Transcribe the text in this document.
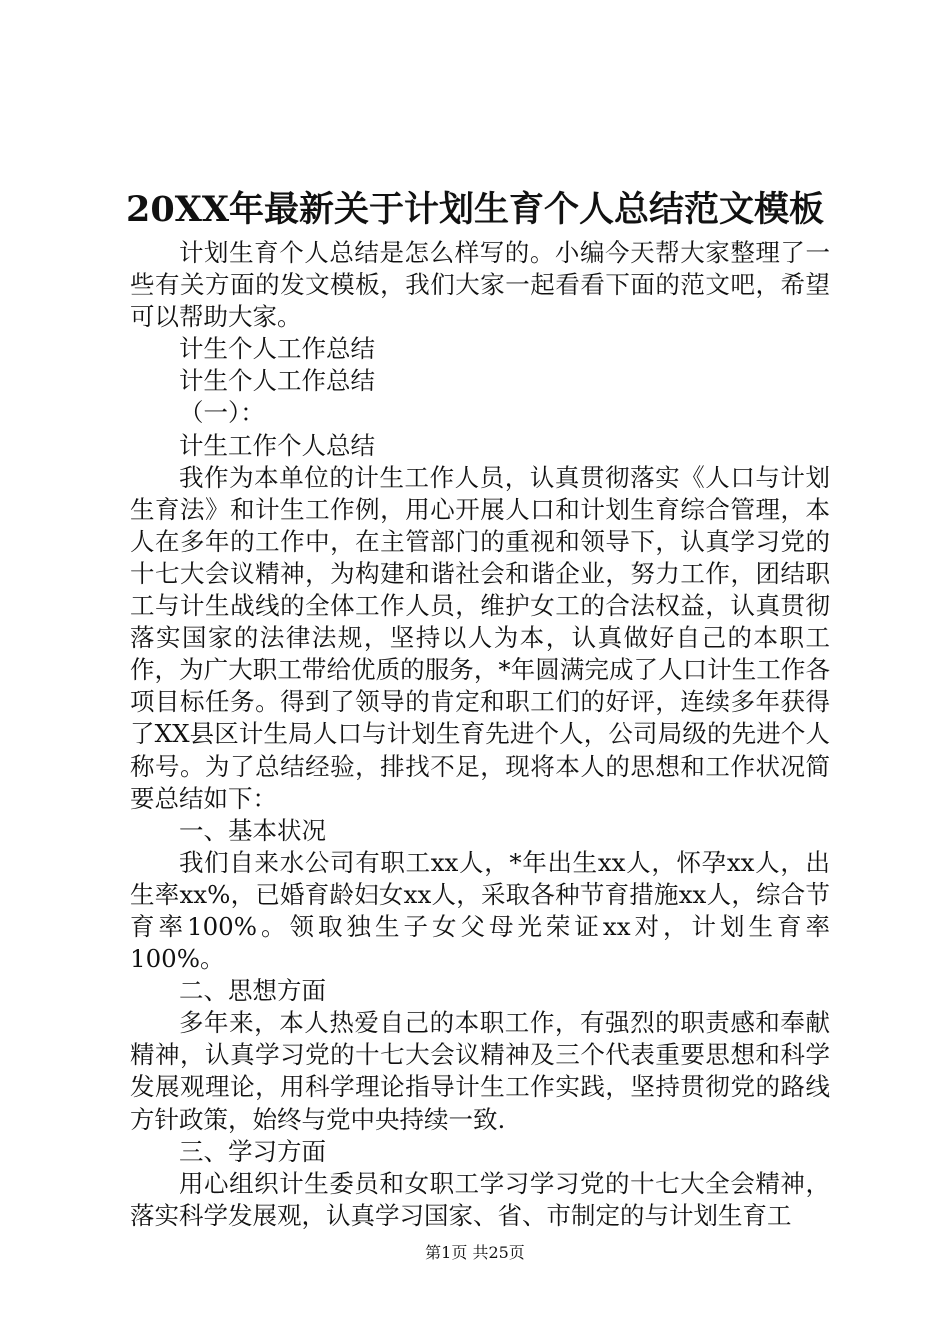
20XX年最新关于计划生育个人总结范文模板

计划生育个人总结是怎么样写的。小编今天帮大家整理了一些有关方面的发文模板，我们大家一起看看下面的范文吧，希望可以帮助大家。

计生个人工作总结

计生个人工作总结

（一）：

计生工作个人总结

我作为本单位的计生工作人员，认真贯彻落实《人口与计划生育法》和计生工作例，用心开展人口和计划生育综合管理，本人在多年的工作中，在主管部门的重视和领导下，认真学习党的十七大会议精神，为构建和谐社会和谐企业，努力工作，团结职工与计生战线的全体工作人员，维护女工的合法权益，认真贯彻落实国家的法律法规，坚持以人为本，认真做好自己的本职工作，为广大职工带给优质的服务，*年圆满完成了人口计生工作各项目标任务。得到了领导的肯定和职工们的好评，连续多年获得了XX县区计生局人口与计划生育先进个人，公司局级的先进个人称号。为了总结经验，排找不足，现将本人的思想和工作状况简要总结如下：

一、基本状况

我们自来水公司有职工xx人，*年出生xx人，怀孕xx人，出生率xx%，已婚育龄妇女xx人，采取各种节育措施xx人，综合节育率100%。领取独生子女父母光荣证xx对，计划生育率100%。

二、思想方面

多年来，本人热爱自己的本职工作，有强烈的职责感和奉献精神，认真学习党的十七大会议精神及三个代表重要思想和科学发展观理论，用科学理论指导计生工作实践，坚持贯彻党的路线方针政策，始终与党中央持续一致.

三、学习方面

用心组织计生委员和女职工学习学习党的十七大全会精神，落实科学发展观，认真学习国家、省、市制定的与计划生育工

第1页 共25页
